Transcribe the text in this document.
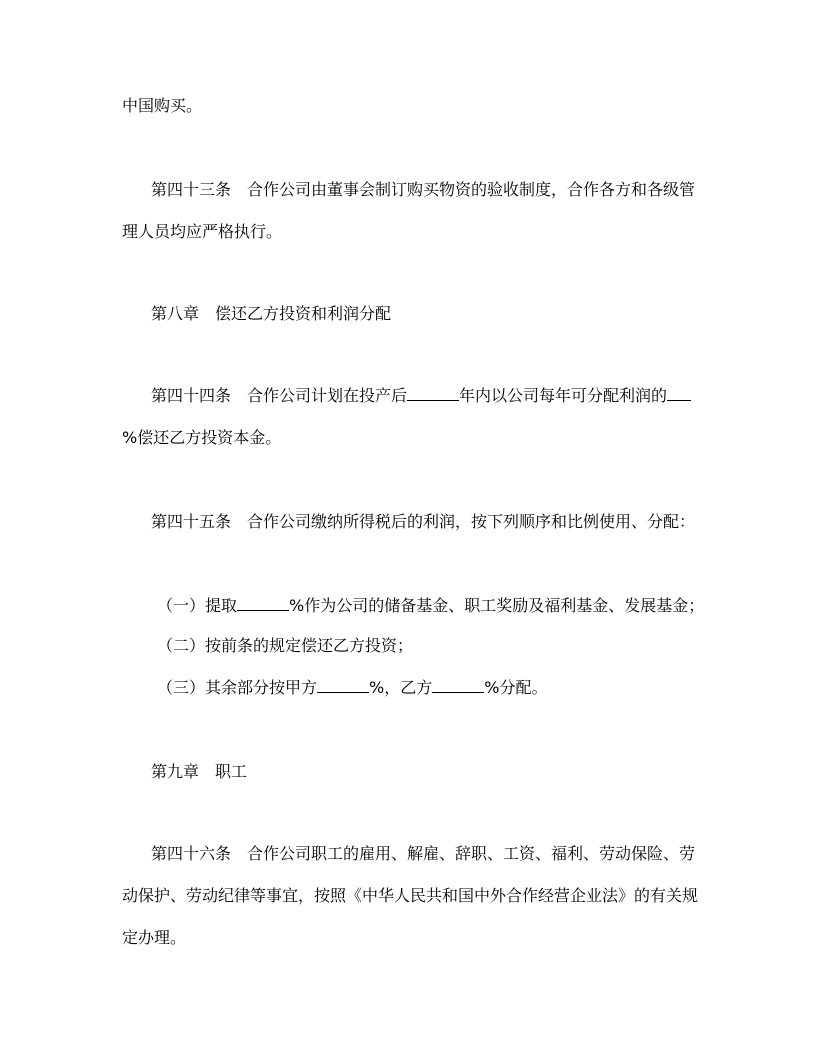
中国购买。
第四十三条 合作公司由董事会制订购买物资的验收制度，合作各方和各级管
理人员均应严格执行。
第八章 偿还乙方投资和利润分配
第四十四条 合作公司计划在投产后	年内以公司每年可分配利润的
%偿还乙方投资本金。
第四十五条 合作公司缴纳所得税后的利润，按下列顺序和比例使用、分配：
（一）提取	%作为公司的储备基金、职工奖励及福利基金、发展基金；
（二）按前条的规定偿还乙方投资；
（三）其余部分按甲方	%，乙方	%分配。
第九章 职工
第四十六条 合作公司职工的雇用、解雇、辞职、工资、福利、劳动保险、劳
动保护、劳动纪律等事宜，按照《中华人民共和国中外合作经营企业法》的有关规
定办理。
